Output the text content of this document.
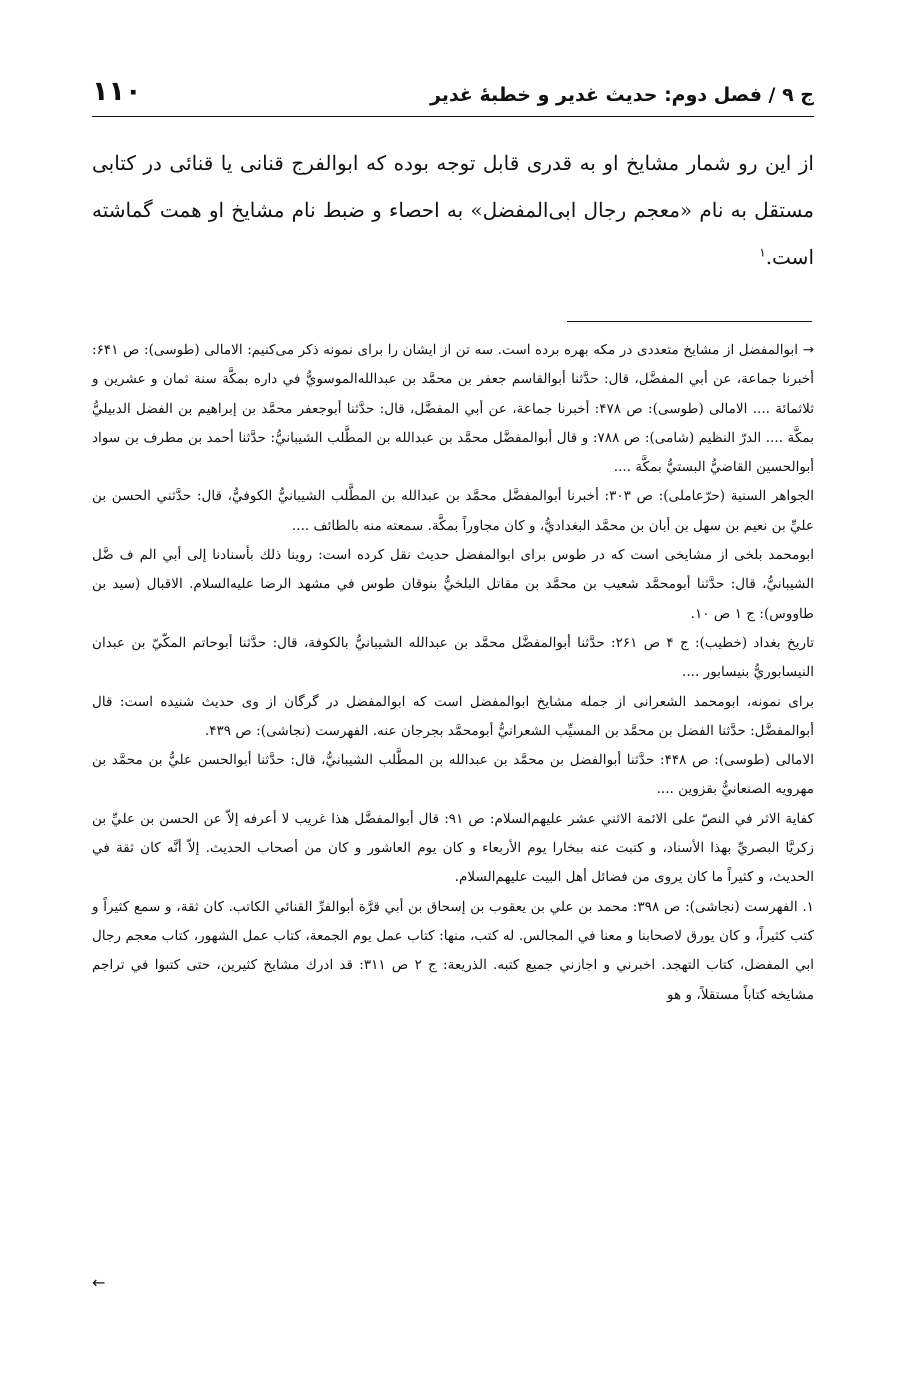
ج ۹ / فصل دوم: حدیث غدیر و خطبهٔ غدیر
۱۱۰
از این رو شمار مشایخ او به قدری قابل توجه بوده که ابوالفرج قنانی یا قنائی در کتابی مستقل به نام «معجم رجال ابی‌المفضل» به احصاء و ضبط نام مشایخ او همت گماشته است.$^۱$

→ ابوالمفضل از مشایخ متعددی در مکه بهره برده است. سه تن از ایشان را برای نمونه ذکر می‌کنیم: الامالی (طوسی): ص ۶۴۱: أخبرنا جماعة، عن أبي المفضَّل، قال: حدَّثنا أبوالقاسم جعفر بن محمَّد بن عبدالله‌الموسويُّ في داره بمكَّة سنة ثمان و عشرين و ثلاثمائة .... الامالی (طوسی): ص ۴۷۸: أخبرنا جماعة، عن أبي المفضَّل، قال: حدَّثنا أبوجعفر محمَّد بن إبراهيم بن الفضل الدبيليُّ بمكَّة .... الدرّ النظيم (شامی): ص ۷۸۸: و قال أبوالمفضَّل محمَّد بن عبدالله بن المطَّلب الشيبانيُّ: حدَّثنا أحمد بن مطرف بن سواد أبوالحسين القاضيُّ البستيُّ بمكَّة ....

الجواهر السنية (حرّعاملی): ص ۳۰۳: أخبرنا أبوالمفضَّل محمَّد بن عبدالله بن المطَّلب الشيبانيُّ الكوفيُّ، قال: حدَّثني الحسن بن عليِّ بن نعيم بن سهل بن أبان بن محمَّد البغداديُّ، و كان مجاوراً بمكَّة. سمعته منه بالطائف ....

ابومحمد بلخی از مشایخی است که در طوس برای ابوالمفضل حدیث نقل کرده است: روينا ذلك بأسنادنا إلى أبي الم ف ضَّل الشيبانيُّ، قال: حدَّثنا أبومحمَّد شعيب بن محمَّد بن مقاتل البلخيُّ بنوقان طوس في مشهد الرضا عليه‌السلام. الاقبال (سید بن طاووس): ج ۱ ص ۱۰.

تاریخ بغداد (خطیب): ج ۴ ص ۲۶۱: حدَّثنا أبوالمفضَّل محمَّد بن عبدالله الشيبانيُّ بالكوفة، قال: حدَّثنا أبوحاتم المكّيّ بن عبدان النيسابوريُّ بنيسابور ....

برای نمونه، ابومحمد الشعرانی از جمله مشایخ ابوالمفضل است که ابوالمفضل در گرگان از وی حدیث شنیده است: قال أبوالمفضَّل: حدَّثنا الفضل بن محمَّد بن المسيِّب الشعرانيُّ أبومحمَّد بجرجان عنه. الفهرست (نجاشی): ص ۴۳۹.

الامالی (طوسی): ص ۴۴۸: حدَّثنا أبوالفضل بن محمَّد بن عبدالله بن المطَّلب الشيبانيُّ، قال: حدَّثنا أبوالحسن عليُّ بن محمَّد بن مهرويه الصنعانيُّ بقزوين ....

كفاية الاثر في النصّ على الائمة الاثني عشر عليهم‌السلام: ص ۹۱: قال أبوالمفضَّل هذا غريب لا أعرفه إلاّ عن الحسن بن عليِّ بن زكريَّا البصريِّ بهذا الأسناد، و كتبت عنه ببخارا يوم الأربعاء و كان يوم العاشور و كان من أصحاب الحديث. إلاّ أنَّه كان ثقة في الحديث، و كثيراً ما كان يروى من فضائل أهل البيت عليهم‌السلام.

۱. الفهرست (نجاشی): ص ۳۹۸: محمد بن علي بن يعقوب بن إسحاق بن أبي قرَّة أبوالفرِّ القنائي الكاتب. كان ثقة، و سمع كثيراً و كتب كثيراً، و كان يورق لاصحابنا و معنا في المجالس. له كتب، منها: كتاب عمل يوم الجمعة، كتاب عمل الشهور، كتاب معجم رجال ابي المفضل، كتاب التهجد. اخبرني و اجازني جميع كتبه. الذريعة: ج ۲ ص ۳۱۱: قد ادرك مشايخ كثيرين، حتى كتبوا في تراجم مشايخه كتاباً مستقلاً، و هو

←
